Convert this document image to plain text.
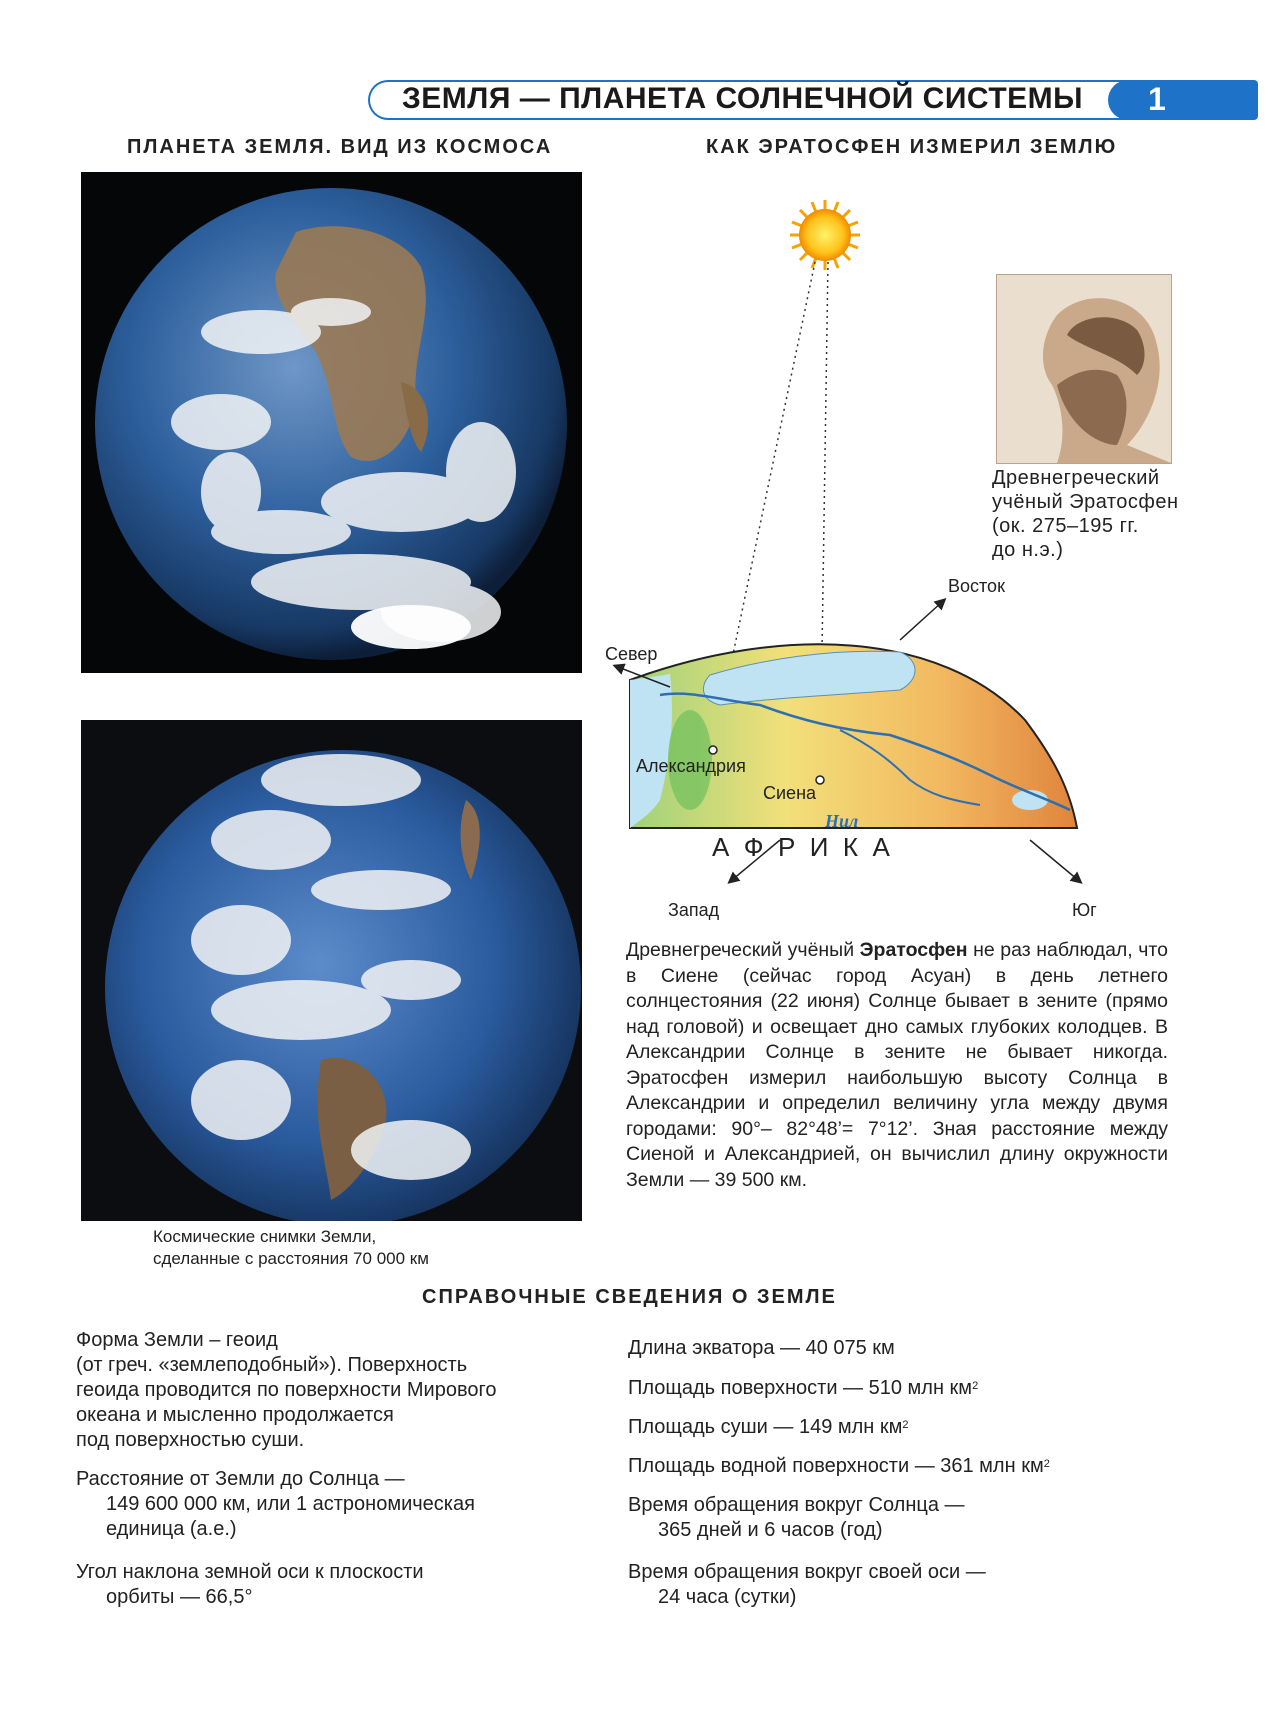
ЗЕМЛЯ — ПЛАНЕТА СОЛНЕЧНОЙ СИСТЕМЫ 1
ПЛАНЕТА ЗЕМЛЯ. ВИД ИЗ КОСМОСА
Космические снимки Земли,
сделанные с расстояния 70 000 км
КАК ЭРАТОСФЕН ИЗМЕРИЛ ЗЕМЛЮ
Север
Восток
Запад	Юг
Александрия
Сиена
Нил
А  Ф  Р  И  К  А
Древнегреческий
учёный Эратосфен
(ок. 275–195 гг.
до н.э.)
Древнегреческий учёный Эратосфен не раз наблюдал, что в Сиене (сейчас город Асуан) в день летнего солнцестояния (22 июня) Солнце бывает в зените (прямо над головой) и освещает дно самых глубоких колодцев. В Александрии Солнце в зените не бывает никогда. Эратосфен измерил наибольшую высоту Солнца в Александрии и определил величину угла между двумя городами: 90°– 82°48’= 7°12’. Зная расстояние между Сиеной и Александрией, он вычислил длину окружности Земли — 39 500 км.
СПРАВОЧНЫЕ СВЕДЕНИЯ О ЗЕМЛЕ
Форма Земли – геоид
(от греч. «землеподобный»). Поверхность
геоида проводится по поверхности Мирового
океана и мысленно продолжается
под поверхностью суши.
Расстояние от Земли до Солнца —
149 600 000 км, или 1 астрономическая
единица (а.е.)
Угол наклона земной оси к плоскости
орбиты — 66,5°
Длина экватора — 40 075 км
Площадь поверхности — 510 млн $км^2$
Площадь суши — 149 млн $км^2$
Площадь водной поверхности — 361 млн $км^2$
Время обращения вокруг Солнца —
365 дней и 6 часов (год)
Время обращения вокруг своей оси —
24 часа (сутки)
